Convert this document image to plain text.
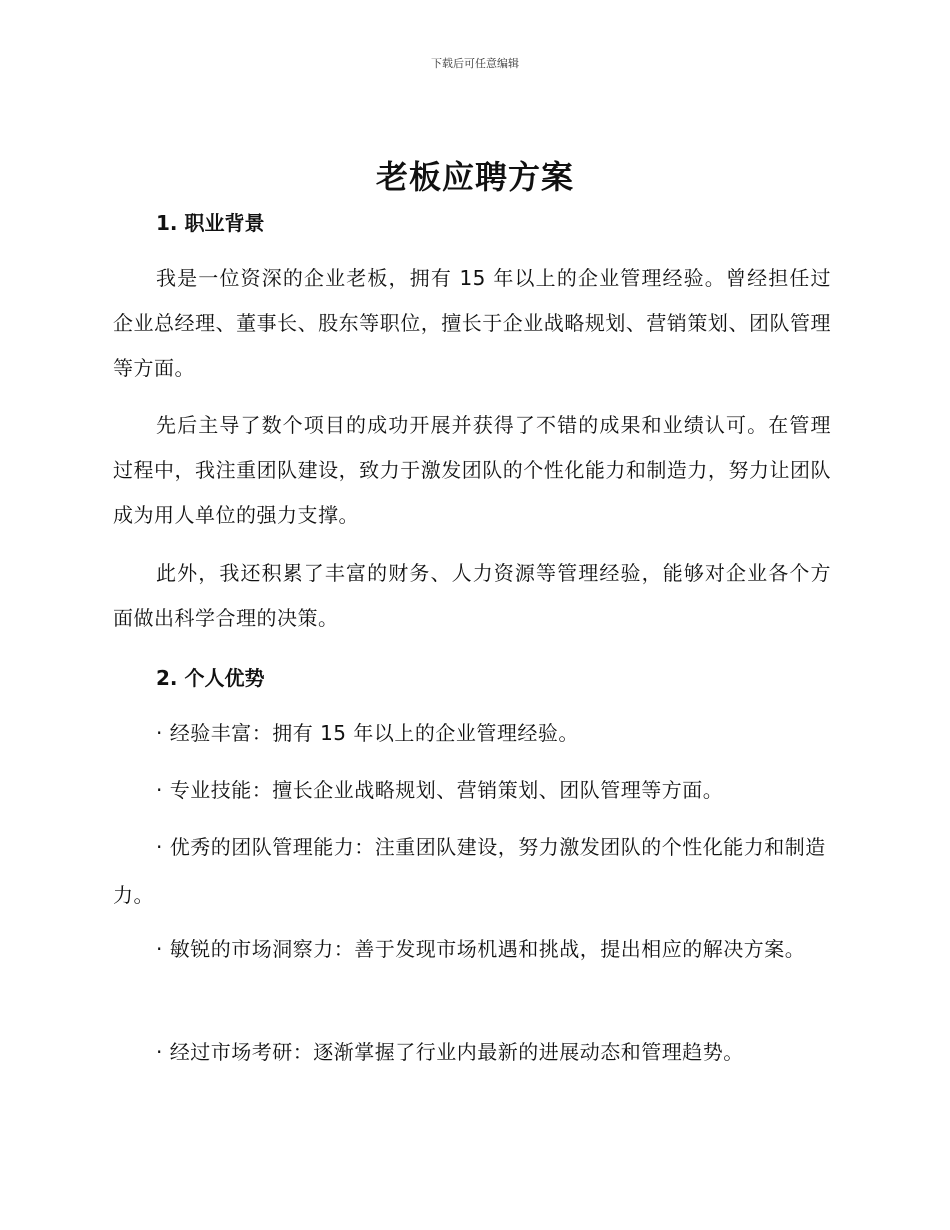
下载后可任意编辑
老板应聘方案
1. 职业背景
我是一位资深的企业老板，拥有 15 年以上的企业管理经验。曾经担任过企业总经理、董事长、股东等职位，擅长于企业战略规划、营销策划、团队管理等方面。
先后主导了数个项目的成功开展并获得了不错的成果和业绩认可。在管理过程中，我注重团队建设，致力于激发团队的个性化能力和制造力，努力让团队成为用人单位的强力支撑。
此外，我还积累了丰富的财务、人力资源等管理经验，能够对企业各个方面做出科学合理的决策。
2. 个人优势
· 经验丰富：拥有 15 年以上的企业管理经验。
· 专业技能：擅长企业战略规划、营销策划、团队管理等方面。
· 优秀的团队管理能力：注重团队建设，努力激发团队的个性化能力和制造力。
· 敏锐的市场洞察力：善于发现市场机遇和挑战，提出相应的解决方案。
· 经过市场考研：逐渐掌握了行业内最新的进展动态和管理趋势。
